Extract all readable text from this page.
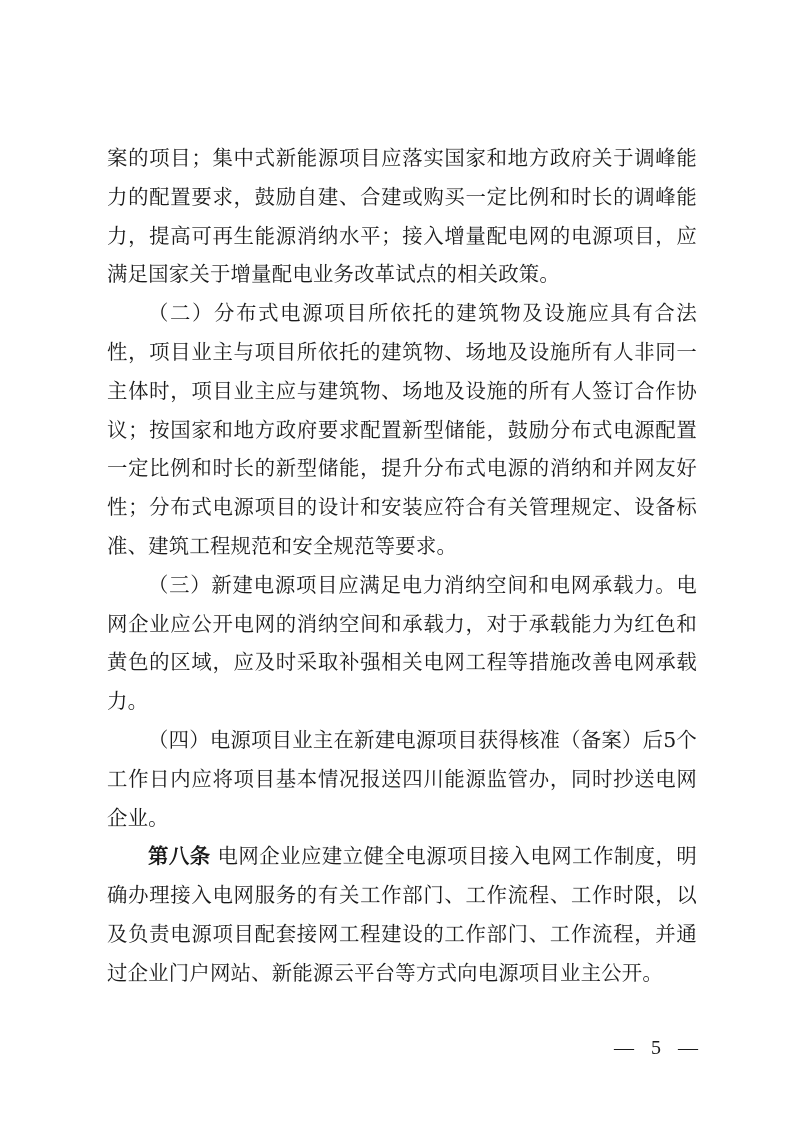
案的项目；集中式新能源项目应落实国家和地方政府关于调峰能力的配置要求，鼓励自建、合建或购买一定比例和时长的调峰能力，提高可再生能源消纳水平；接入增量配电网的电源项目，应满足国家关于增量配电业务改革试点的相关政策。

（二）分布式电源项目所依托的建筑物及设施应具有合法性，项目业主与项目所依托的建筑物、场地及设施所有人非同一主体时，项目业主应与建筑物、场地及设施的所有人签订合作协议；按国家和地方政府要求配置新型储能，鼓励分布式电源配置一定比例和时长的新型储能，提升分布式电源的消纳和并网友好性；分布式电源项目的设计和安装应符合有关管理规定、设备标准、建筑工程规范和安全规范等要求。

（三）新建电源项目应满足电力消纳空间和电网承载力。电网企业应公开电网的消纳空间和承载力，对于承载能力为红色和黄色的区域，应及时采取补强相关电网工程等措施改善电网承载力。

（四）电源项目业主在新建电源项目获得核准（备案）后5个工作日内应将项目基本情况报送四川能源监管办，同时抄送电网企业。

第八条 电网企业应建立健全电源项目接入电网工作制度，明确办理接入电网服务的有关工作部门、工作流程、工作时限，以及负责电源项目配套接网工程建设的工作部门、工作流程，并通过企业门户网站、新能源云平台等方式向电源项目业主公开。

— 5 —
